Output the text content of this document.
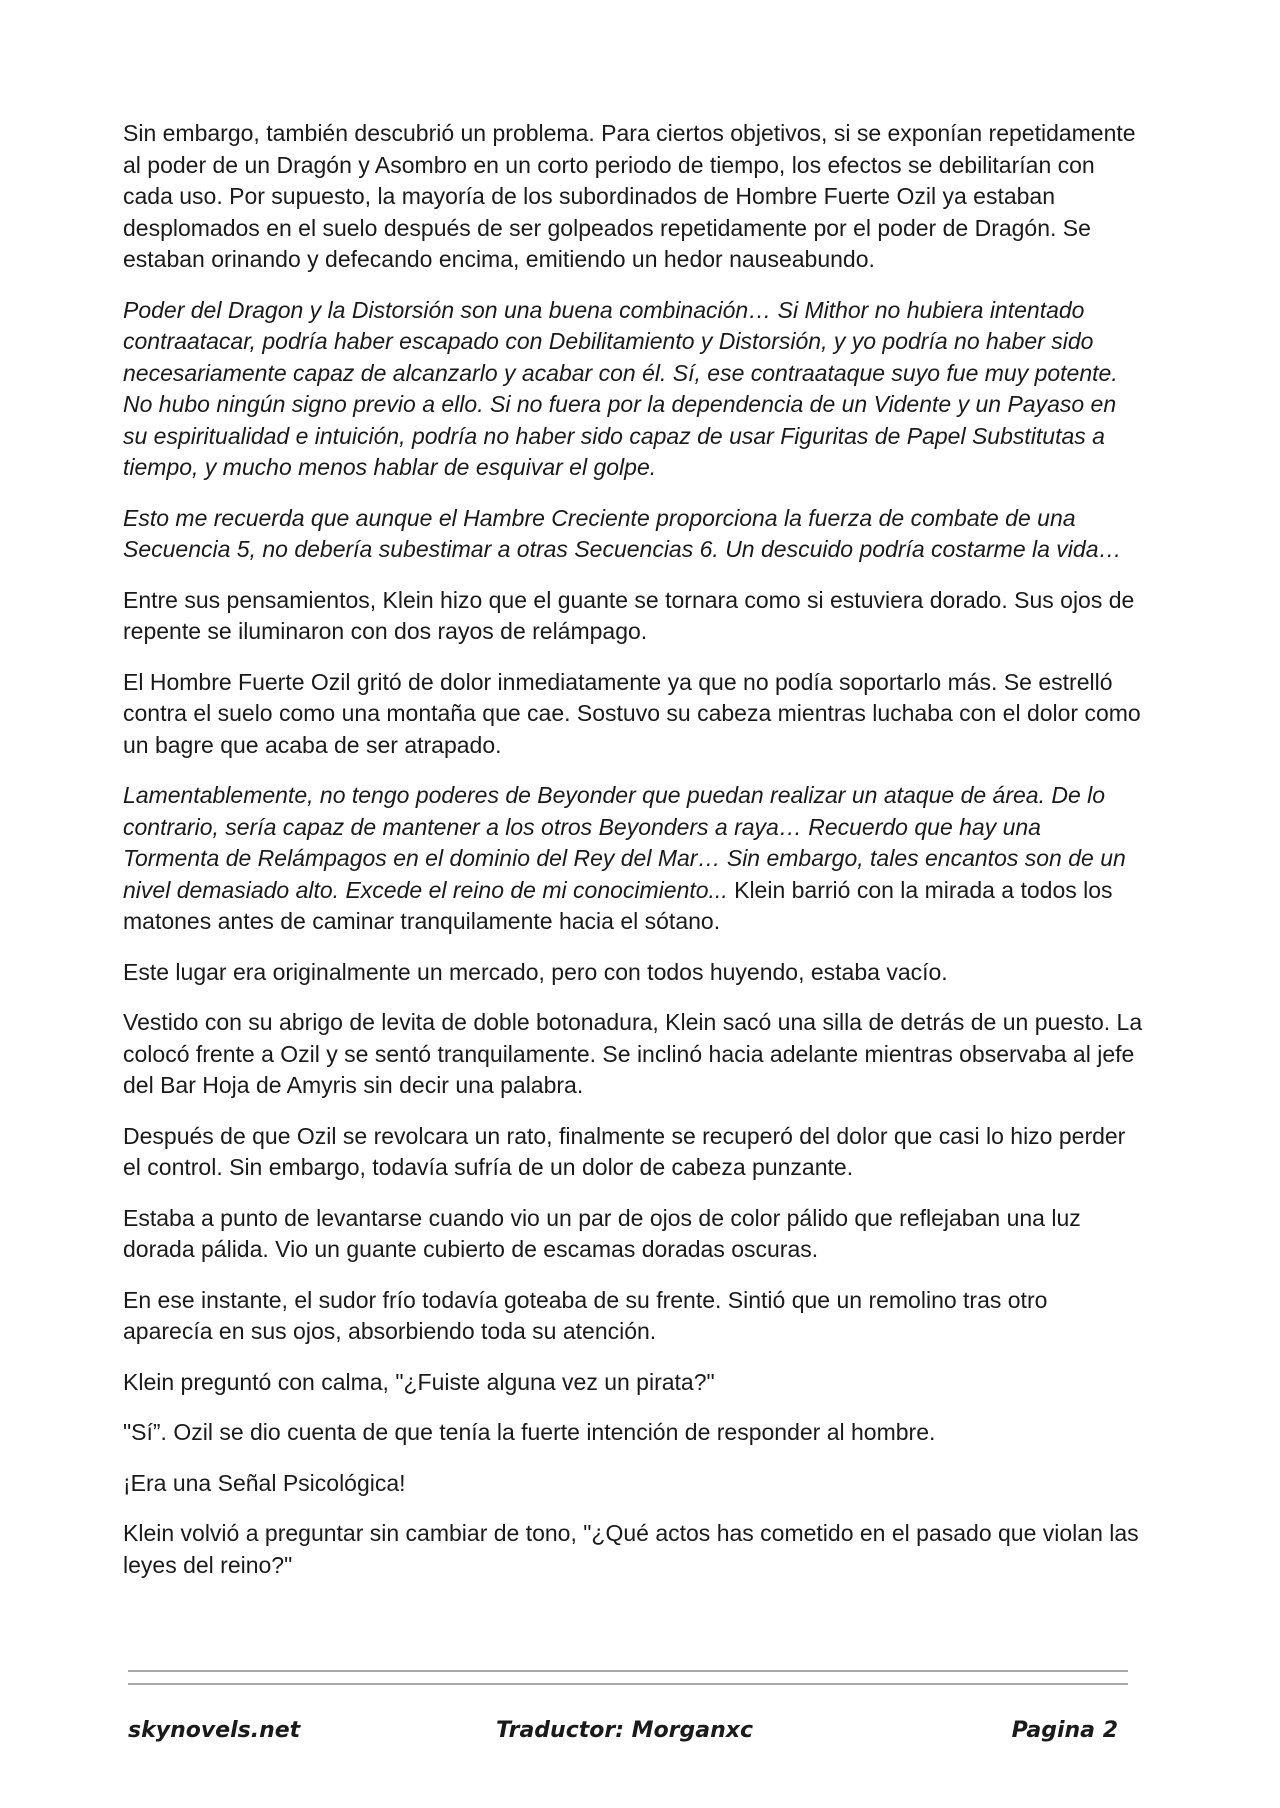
Sin embargo, también descubrió un problema. Para ciertos objetivos, si se exponían repetidamente al poder de un Dragón y Asombro en un corto periodo de tiempo, los efectos se debilitarían con cada uso. Por supuesto, la mayoría de los subordinados de Hombre Fuerte Ozil ya estaban desplomados en el suelo después de ser golpeados repetidamente por el poder de Dragón. Se estaban orinando y defecando encima, emitiendo un hedor nauseabundo.

Poder del Dragon y la Distorsión son una buena combinación… Si Mithor no hubiera intentado contraatacar, podría haber escapado con Debilitamiento y Distorsión, y yo podría no haber sido necesariamente capaz de alcanzarlo y acabar con él. Sí, ese contraataque suyo fue muy potente. No hubo ningún signo previo a ello. Si no fuera por la dependencia de un Vidente y un Payaso en su espiritualidad e intuición, podría no haber sido capaz de usar Figuritas de Papel Substitutas a tiempo, y mucho menos hablar de esquivar el golpe.

Esto me recuerda que aunque el Hambre Creciente proporciona la fuerza de combate de una Secuencia 5, no debería subestimar a otras Secuencias 6. Un descuido podría costarme la vida…

Entre sus pensamientos, Klein hizo que el guante se tornara como si estuviera dorado. Sus ojos de repente se iluminaron con dos rayos de relámpago.

El Hombre Fuerte Ozil gritó de dolor inmediatamente ya que no podía soportarlo más. Se estrelló contra el suelo como una montaña que cae. Sostuvo su cabeza mientras luchaba con el dolor como un bagre que acaba de ser atrapado.

Lamentablemente, no tengo poderes de Beyonder que puedan realizar un ataque de área. De lo contrario, sería capaz de mantener a los otros Beyonders a raya… Recuerdo que hay una Tormenta de Relámpagos en el dominio del Rey del Mar… Sin embargo, tales encantos son de un nivel demasiado alto. Excede el reino de mi conocimiento... Klein barrió con la mirada a todos los matones antes de caminar tranquilamente hacia el sótano.

Este lugar era originalmente un mercado, pero con todos huyendo, estaba vacío.

Vestido con su abrigo de levita de doble botonadura, Klein sacó una silla de detrás de un puesto. La colocó frente a Ozil y se sentó tranquilamente. Se inclinó hacia adelante mientras observaba al jefe del Bar Hoja de Amyris sin decir una palabra.

Después de que Ozil se revolcara un rato, finalmente se recuperó del dolor que casi lo hizo perder el control. Sin embargo, todavía sufría de un dolor de cabeza punzante.

Estaba a punto de levantarse cuando vio un par de ojos de color pálido que reflejaban una luz dorada pálida. Vio un guante cubierto de escamas doradas oscuras.

En ese instante, el sudor frío todavía goteaba de su frente. Sintió que un remolino tras otro aparecía en sus ojos, absorbiendo toda su atención.

Klein preguntó con calma, "¿Fuiste alguna vez un pirata?"

"Sí”. Ozil se dio cuenta de que tenía la fuerte intención de responder al hombre.

¡Era una Señal Psicológica!

Klein volvió a preguntar sin cambiar de tono, "¿Qué actos has cometido en el pasado que violan las leyes del reino?"

skynovels.net	Traductor: Morganxc	Pagina 2
